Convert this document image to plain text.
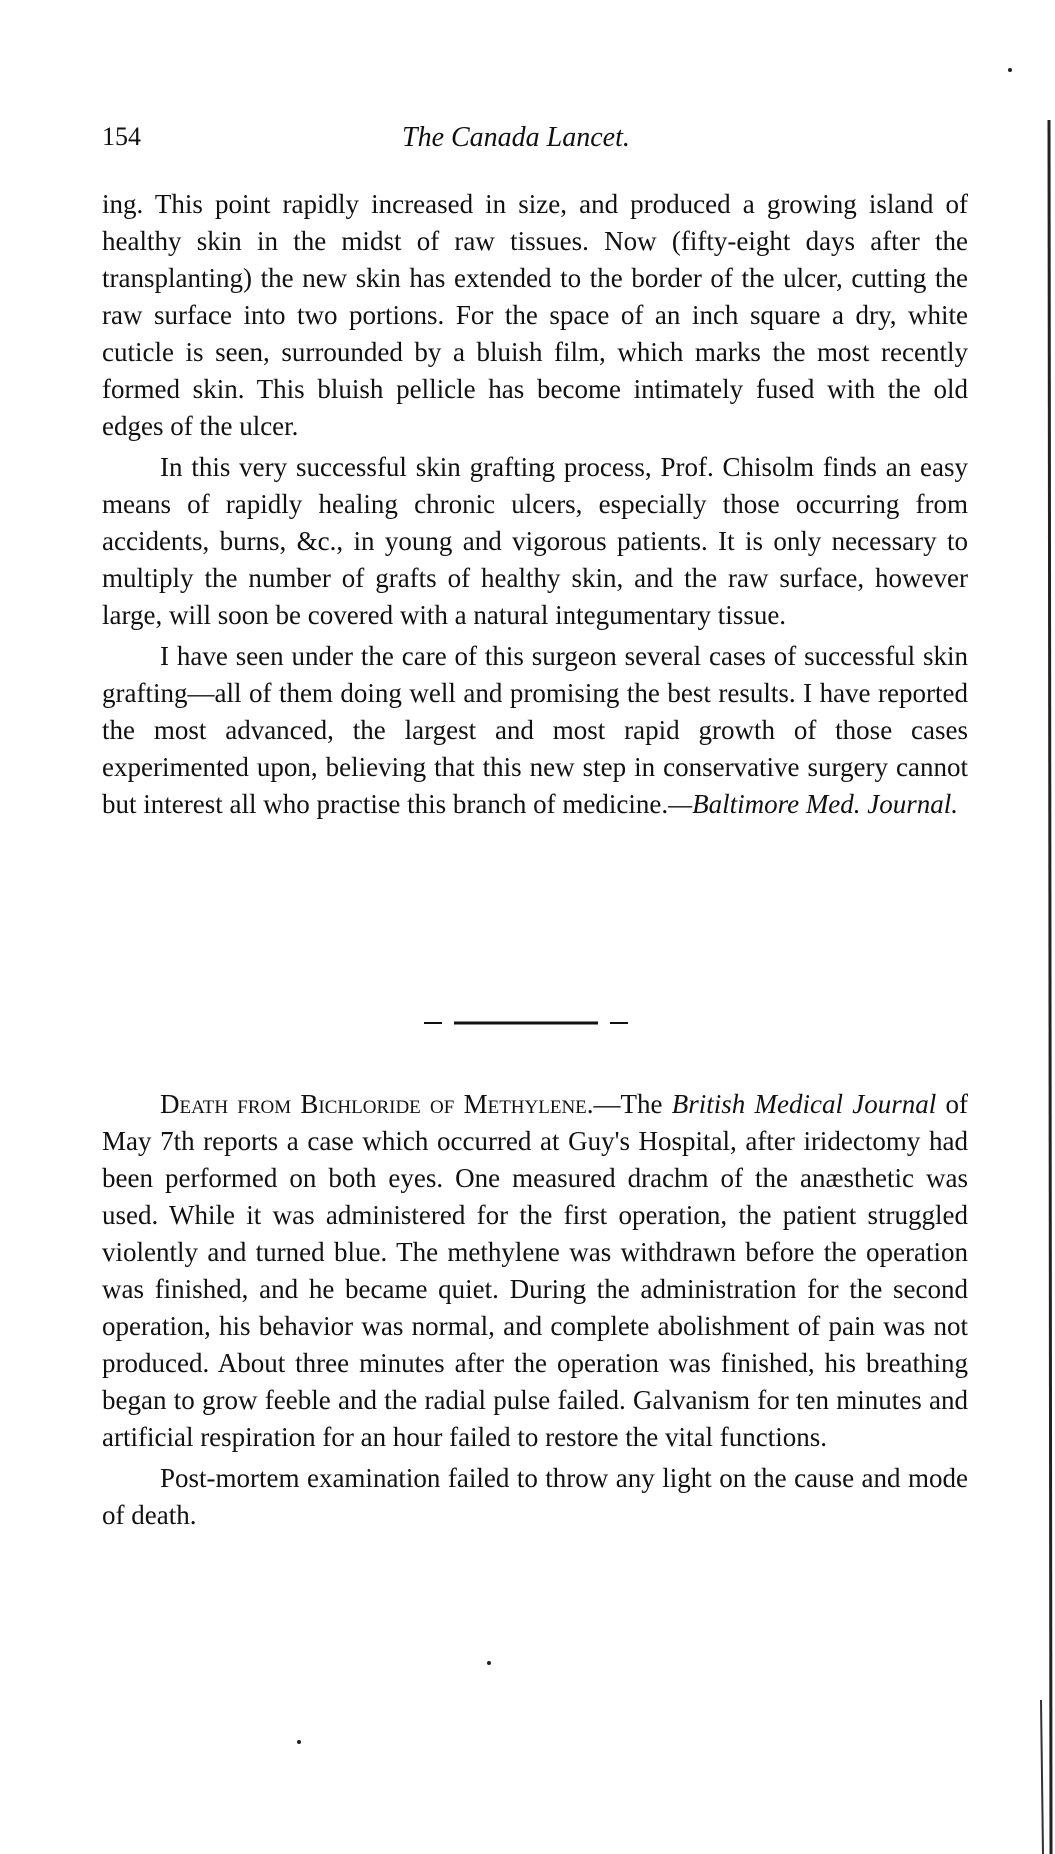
154	The Canada Lancet.

ing. This point rapidly increased in size, and produced a growing island of healthy skin in the midst of raw tissues. Now (fifty-eight days after the transplanting) the new skin has extended to the border of the ulcer, cutting the raw surface into two portions. For the space of an inch square a dry, white cuticle is seen, surrounded by a bluish film, which marks the most recently formed skin. This bluish pellicle has become intimately fused with the old edges of the ulcer.

In this very successful skin grafting process, Prof. Chisolm finds an easy means of rapidly healing chronic ulcers, especially those occurring from accidents, burns, &c., in young and vigorous patients. It is only necessary to multiply the number of grafts of healthy skin, and the raw surface, however large, will soon be covered with a natural integumentary tissue.

I have seen under the care of this surgeon several cases of successful skin grafting—all of them doing well and promising the best results. I have reported the most advanced, the largest and most rapid growth of those cases experimented upon, believing that this new step in conservative surgery cannot but interest all who practise this branch of medicine.—Baltimore Med. Journal.

Death from Bichloride of Methylene.—The British Medical Journal of May 7th reports a case which occurred at Guy's Hospital, after iridectomy had been performed on both eyes. One measured drachm of the anæsthetic was used. While it was administered for the first operation, the patient struggled violently and turned blue. The methylene was withdrawn before the operation was finished, and he became quiet. During the administration for the second operation, his behavior was normal, and complete abolishment of pain was not produced. About three minutes after the operation was finished, his breathing began to grow feeble and the radial pulse failed. Galvanism for ten minutes and artificial respiration for an hour failed to restore the vital functions.

Post-mortem examination failed to throw any light on the cause and mode of death.
